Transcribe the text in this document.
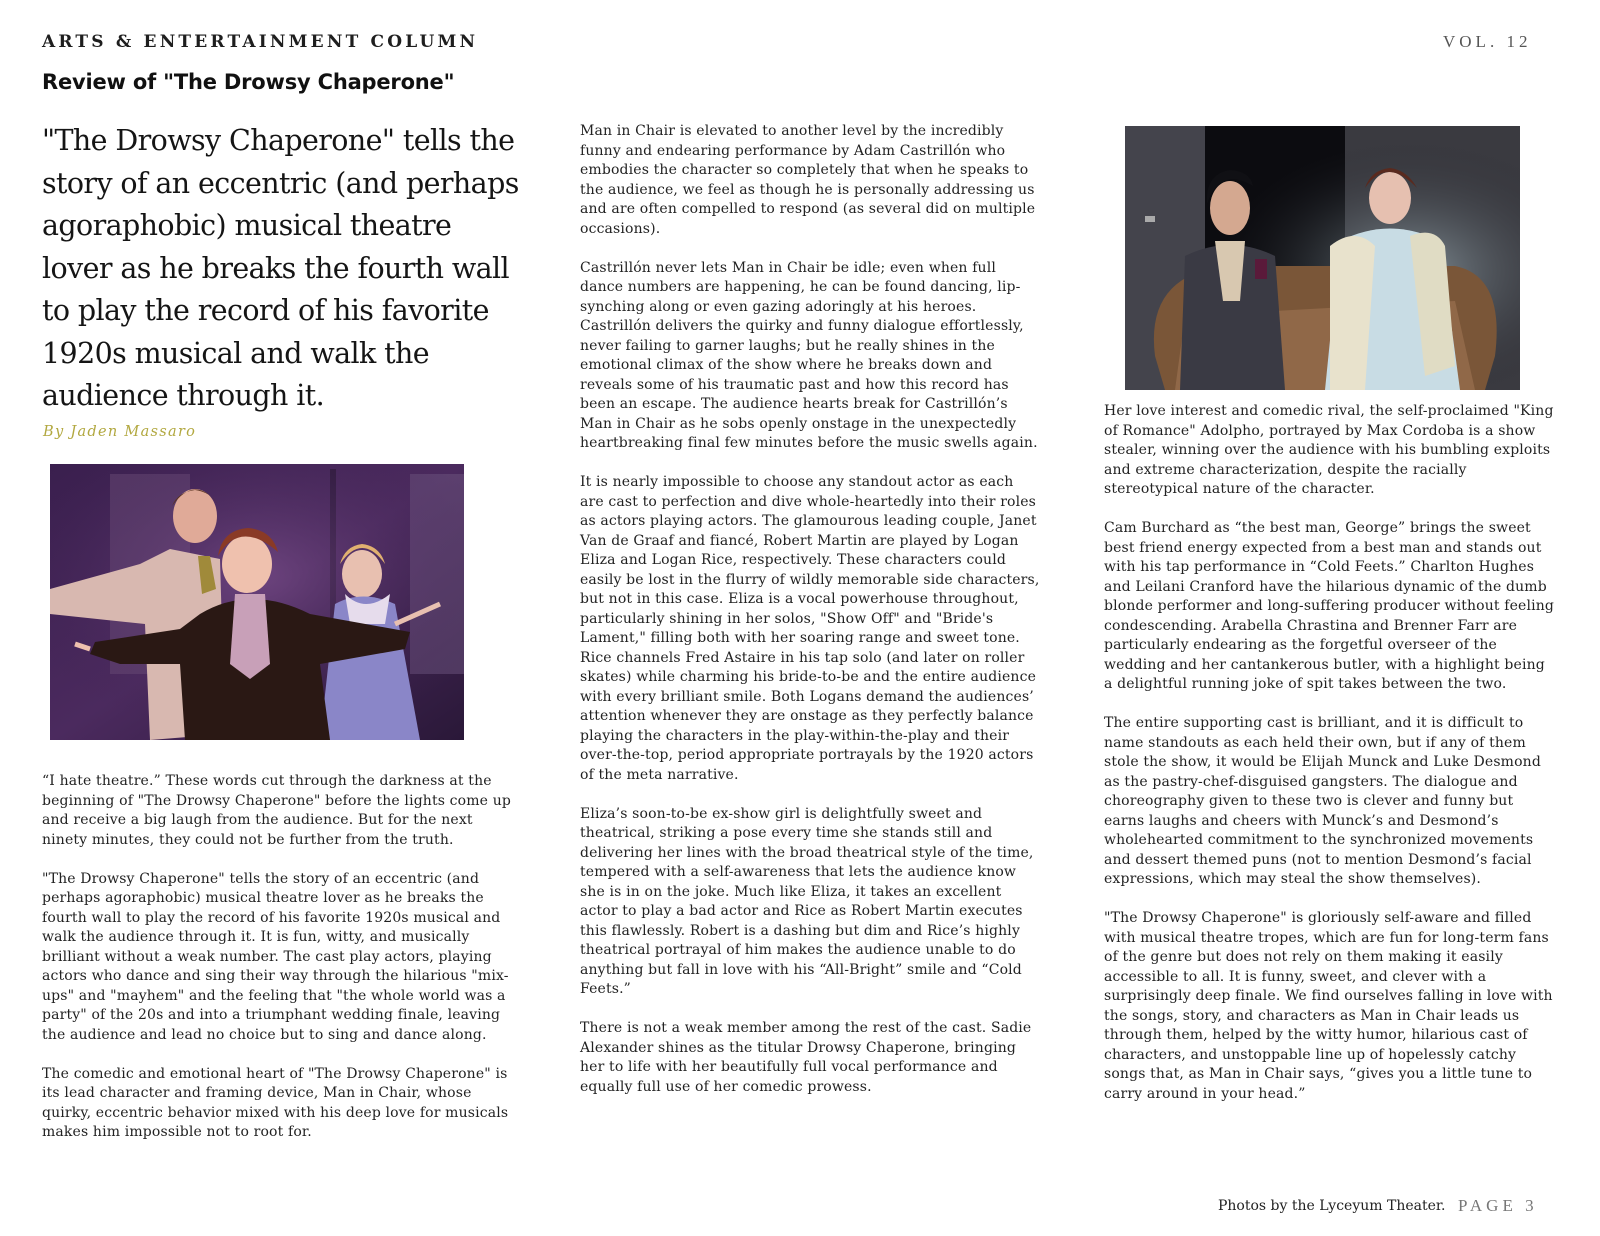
ARTS & ENTERTAINMENT COLUMN	VOL. 12
Review of "The Drowsy Chaperone"
"The Drowsy Chaperone" tells the story of an eccentric (and perhaps agoraphobic) musical theatre lover as he breaks the fourth wall to play the record of his favorite 1920s musical and walk the audience through it.
By Jaden Massaro

“I hate theatre.” These words cut through the darkness at the beginning of "The Drowsy Chaperone" before the lights come up and receive a big laugh from the audience. But for the next ninety minutes, they could not be further from the truth.

"The Drowsy Chaperone" tells the story of an eccentric (and perhaps agoraphobic) musical theatre lover as he breaks the fourth wall to play the record of his favorite 1920s musical and walk the audience through it. It is fun, witty, and musically brilliant without a weak number. The cast play actors, playing actors who dance and sing their way through the hilarious "mix-ups" and "mayhem" and the feeling that "the whole world was a party" of the 20s and into a triumphant wedding finale, leaving the audience and lead no choice but to sing and dance along.

The comedic and emotional heart of "The Drowsy Chaperone" is its lead character and framing device, Man in Chair, whose quirky, eccentric behavior mixed with his deep love for musicals makes him impossible not to root for.

Man in Chair is elevated to another level by the incredibly funny and endearing performance by Adam Castrillón who embodies the character so completely that when he speaks to the audience, we feel as though he is personally addressing us and are often compelled to respond (as several did on multiple occasions).

Castrillón never lets Man in Chair be idle; even when full dance numbers are happening, he can be found dancing, lip-synching along or even gazing adoringly at his heroes. Castrillón delivers the quirky and funny dialogue effortlessly, never failing to garner laughs; but he really shines in the emotional climax of the show where he breaks down and reveals some of his traumatic past and how this record has been an escape. The audience hearts break for Castrillón’s Man in Chair as he sobs openly onstage in the unexpectedly heartbreaking final few minutes before the music swells again.

It is nearly impossible to choose any standout actor as each are cast to perfection and dive whole-heartedly into their roles as actors playing actors. The glamourous leading couple, Janet Van de Graaf and fiancé, Robert Martin are played by Logan Eliza and Logan Rice, respectively. These characters could easily be lost in the flurry of wildly memorable side characters, but not in this case. Eliza is a vocal powerhouse throughout, particularly shining in her solos, "Show Off" and "Bride's Lament," filling both with her soaring range and sweet tone. Rice channels Fred Astaire in his tap solo (and later on roller skates) while charming his bride-to-be and the entire audience with every brilliant smile. Both Logans demand the audiences’ attention whenever they are onstage as they perfectly balance playing the characters in the play-within-the-play and their over-the-top, period appropriate portrayals by the 1920 actors of the meta narrative.

Eliza’s soon-to-be ex-show girl is delightfully sweet and theatrical, striking a pose every time she stands still and delivering her lines with the broad theatrical style of the time, tempered with a self-awareness that lets the audience know she is in on the joke. Much like Eliza, it takes an excellent actor to play a bad actor and Rice as Robert Martin executes this flawlessly. Robert is a dashing but dim and Rice’s highly theatrical portrayal of him makes the audience unable to do anything but fall in love with his “All-Bright” smile and “Cold Feets.”

There is not a weak member among the rest of the cast. Sadie Alexander shines as the titular Drowsy Chaperone, bringing her to life with her beautifully full vocal performance and equally full use of her comedic prowess.

Her love interest and comedic rival, the self-proclaimed "King of Romance" Adolpho, portrayed by Max Cordoba is a show stealer, winning over the audience with his bumbling exploits and extreme characterization, despite the racially stereotypical nature of the character.

Cam Burchard as “the best man, George” brings the sweet best friend energy expected from a best man and stands out with his tap performance in “Cold Feets.” Charlton Hughes and Leilani Cranford have the hilarious dynamic of the dumb blonde performer and long-suffering producer without feeling condescending. Arabella Chrastina and Brenner Farr are particularly endearing as the forgetful overseer of the wedding and her cantankerous butler, with a highlight being a delightful running joke of spit takes between the two.

The entire supporting cast is brilliant, and it is difficult to name standouts as each held their own, but if any of them stole the show, it would be Elijah Munck and Luke Desmond as the pastry-chef-disguised gangsters. The dialogue and choreography given to these two is clever and funny but earns laughs and cheers with Munck’s and Desmond’s wholehearted commitment to the synchronized movements and dessert themed puns (not to mention Desmond’s facial expressions, which may steal the show themselves).

"The Drowsy Chaperone" is gloriously self-aware and filled with musical theatre tropes, which are fun for long-term fans of the genre but does not rely on them making it easily accessible to all. It is funny, sweet, and clever with a surprisingly deep finale. We find ourselves falling in love with the songs, story, and characters as Man in Chair leads us through them, helped by the witty humor, hilarious cast of characters, and unstoppable line up of hopelessly catchy songs that, as Man in Chair says, “gives you a little tune to carry around in your head.”

Photos by the Lyceyum Theater. PAGE 3
